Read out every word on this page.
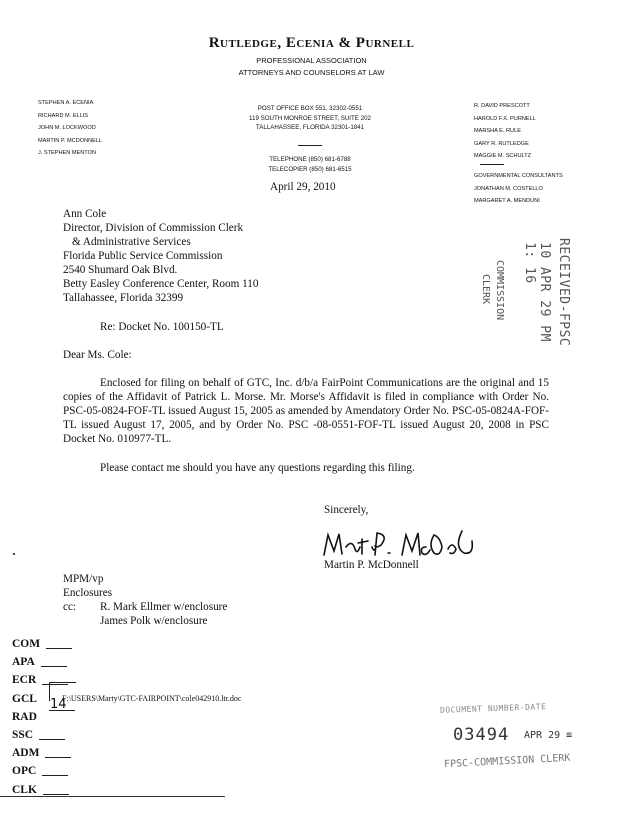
Rutledge, Ecenia & Purnell
PROFESSIONAL ASSOCIATION
ATTORNEYS AND COUNSELORS AT LAW
STEPHEN A. ECENIA
RICHARD M. ELLIS
JOHN M. LOCKWOOD
MARTIN P. MCDONNELL
J. STEPHEN MENTON
POST OFFICE BOX 551, 32302-0551
119 SOUTH MONROE STREET, SUITE 202
TALLAHASSEE, FLORIDA 32301-1841
TELEPHONE (850) 681-6788
TELECOPIER (850) 681-6515
R. DAVID PRESCOTT
HAROLD F.X. PURNELL
MARSHA E. RULE
GARY R. RUTLEDGE
MAGGIE M. SCHULTZ
GOVERNMENTAL CONSULTANTS
JONATHAN M. COSTELLO
MARGARET A. MENDUNI
April 29, 2010
Ann Cole
Director, Division of Commission Clerk
& Administrative Services
Florida Public Service Commission
2540 Shumard Oak Blvd.
Betty Easley Conference Center, Room 110
Tallahassee, Florida 32399	RECEIVED-FPSC
10 APR 29 PM 1: 16
COMMISSION
CLERK
Re: Docket No. 100150-TL
Dear Ms. Cole:
Enclosed for filing on behalf of GTC, Inc. d/b/a FairPoint Communications are the original and 15 copies of the Affidavit of Patrick L. Morse. Mr. Morse's Affidavit is filed in compliance with Order No. PSC-05-0824-FOF-TL issued August 15, 2005 as amended by Amendatory Order No. PSC-05-0824A-FOF-TL issued August 17, 2005, and by Order No. PSC -08-0551-FOF-TL issued August 20, 2008 in PSC Docket No. 010977-TL.
Please contact me should you have any questions regarding this filing.
Sincerely,
Martin P. McDonnell
MPM/vp
Enclosures
cc: R. Mark Ellmer w/enclosure
James Polk w/enclosure
COM
APA
ECR
GCL
RAD
SSC
ADM
OPC
CLK
14
F:\USERS\Marty\GTC-FAIRPOINT\cole042910.ltr.doc
DOCUMENT NUMBER-DATE
03494 APR 29 ≌
FPSC-COMMISSION CLERK
